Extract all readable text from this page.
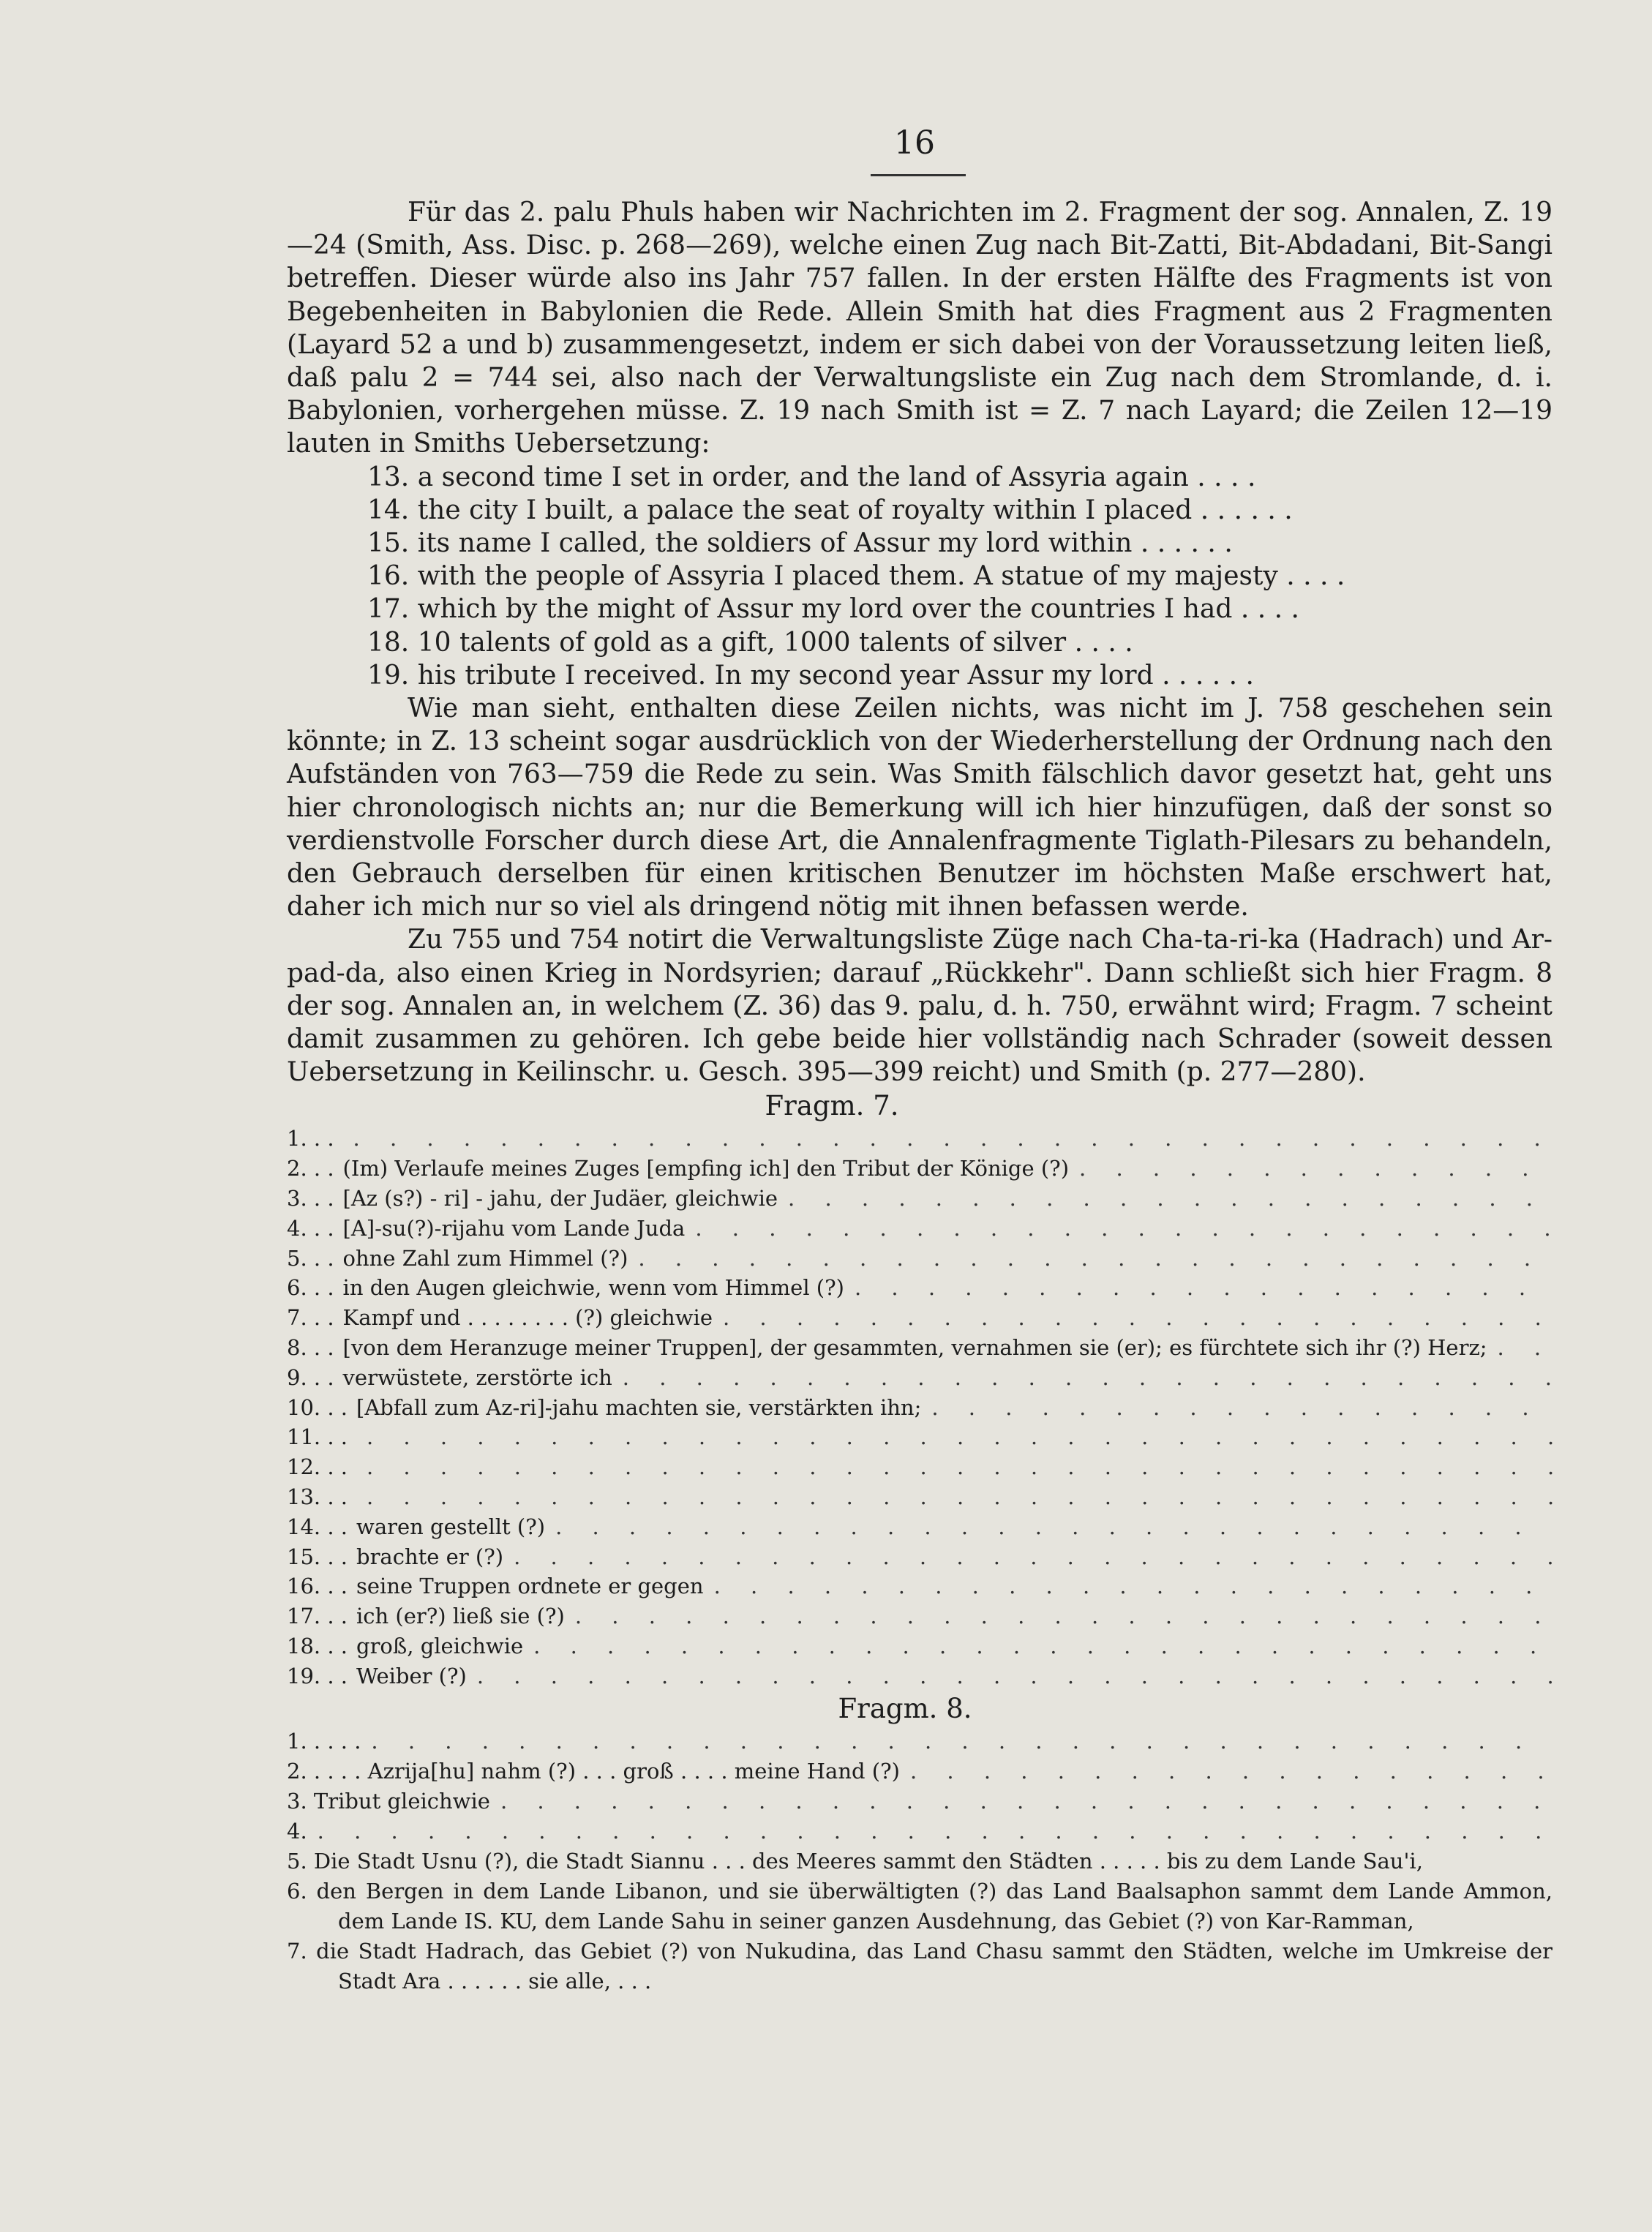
16

Für das 2. palu Phuls haben wir Nachrichten im 2. Fragment der sog. Annalen, Z. 19—24 (Smith, Ass. Disc. p. 268—269), welche einen Zug nach Bit-Zatti, Bit-Abdadani, Bit-Sangi betreffen. Dieser würde also ins Jahr 757 fallen. In der ersten Hälfte des Fragments ist von Begebenheiten in Babylonien die Rede. Allein Smith hat dies Fragment aus 2 Fragmenten (Layard 52 a und b) zusammengesetzt, indem er sich dabei von der Voraussetzung leiten ließ, daß palu 2 = 744 sei, also nach der Verwaltungsliste ein Zug nach dem Stromlande, d. i. Babylonien, vorhergehen müsse. Z. 19 nach Smith ist = Z. 7 nach Layard; die Zeilen 12—19 lauten in Smiths Uebersetzung:

13. a second time I set in order, and the land of Assyria again . . . .

14. the city I built, a palace the seat of royalty within I placed . . . . . .

15. its name I called, the soldiers of Assur my lord within . . . . . .

16. with the people of Assyria I placed them. A statue of my majesty . . . .

17. which by the might of Assur my lord over the countries I had . . . .

18. 10 talents of gold as a gift, 1000 talents of silver . . . .

19. his tribute I received. In my second year Assur my lord . . . . . .

Wie man sieht, enthalten diese Zeilen nichts, was nicht im J. 758 geschehen sein könnte; in Z. 13 scheint sogar ausdrücklich von der Wiederherstellung der Ordnung nach den Aufständen von 763—759 die Rede zu sein. Was Smith fälschlich davor gesetzt hat, geht uns hier chronologisch nichts an; nur die Bemerkung will ich hier hinzufügen, daß der sonst so verdienstvolle Forscher durch diese Art, die Annalenfragmente Tiglath-Pilesars zu behandeln, den Gebrauch derselben für einen kritischen Benutzer im höchsten Maße erschwert hat, daher ich mich nur so viel als dringend nötig mit ihnen befassen werde.

Zu 755 und 754 notirt die Verwaltungsliste Züge nach Cha-ta-ri-ka (Hadrach) und Ar-pad-da, also einen Krieg in Nordsyrien; darauf „Rückkehr". Dann schließt sich hier Fragm. 8 der sog. Annalen an, in welchem (Z. 36) das 9. palu, d. h. 750, erwähnt wird; Fragm. 7 scheint damit zusammen zu gehören. Ich gebe beide hier vollständig nach Schrader (soweit dessen Uebersetzung in Keilinschr. u. Gesch. 395—399 reicht) und Smith (p. 277—280).

Fragm. 7.

1. . .
. . .
2. . . (Im) Verlaufe meines Zuges [empfing ich] den Tribut der Könige (?)
. . .
3. . . [Az (s?) - ri] - jahu, der Judäer, gleichwie
. . .
4. . . [A]-su(?)-rijahu vom Lande Juda
. . .
5. . . ohne Zahl zum Himmel (?)
. . .
6. . . in den Augen gleichwie, wenn vom Himmel (?)
. . .
7. . . Kampf und . . . . . . . . (?) gleichwie
. . .
8. . . [von dem Heranzuge meiner Truppen], der gesammten, vernahmen sie (er); es fürchtete sich ihr (?) Herz;
. . .
9. . . verwüstete, zerstörte ich
. . .
10. . . [Abfall zum Az-ri]-jahu machten sie, verstärkten ihn;
. . .
11. . .
. . .
12. . .
. . .
13. . .
. . .
14. . . waren gestellt (?)
. . .
15. . . brachte er (?)
. . .
16. . . seine Truppen ordnete er gegen
. . .
17. . . ich (er?) ließ sie (?)
. . .
18. . . groß, gleichwie
. . .
19. . . Weiber (?)
. . .

Fragm. 8.

1. . . . .
. . .
2. . . . . Azrija[hu] nahm (?) . . . groß . . . . meine Hand (?)
. . .
3. Tribut gleichwie
. . .
4.
. . .
5. Die Stadt Usnu (?), die Stadt Siannu . . . des Meeres sammt den Städten . . . . . bis zu dem Lande Sau'i,
6. den Bergen in dem Lande Libanon, und sie überwältigten (?) das Land Baalsaphon sammt dem Lande Ammon, dem Lande IS. KU, dem Lande Sahu in seiner ganzen Ausdehnung, das Gebiet (?) von Kar-Ramman,
7. die Stadt Hadrach, das Gebiet (?) von Nukudina, das Land Chasu sammt den Städten, welche im Umkreise der Stadt Ara . . . . . . sie alle, . . .
